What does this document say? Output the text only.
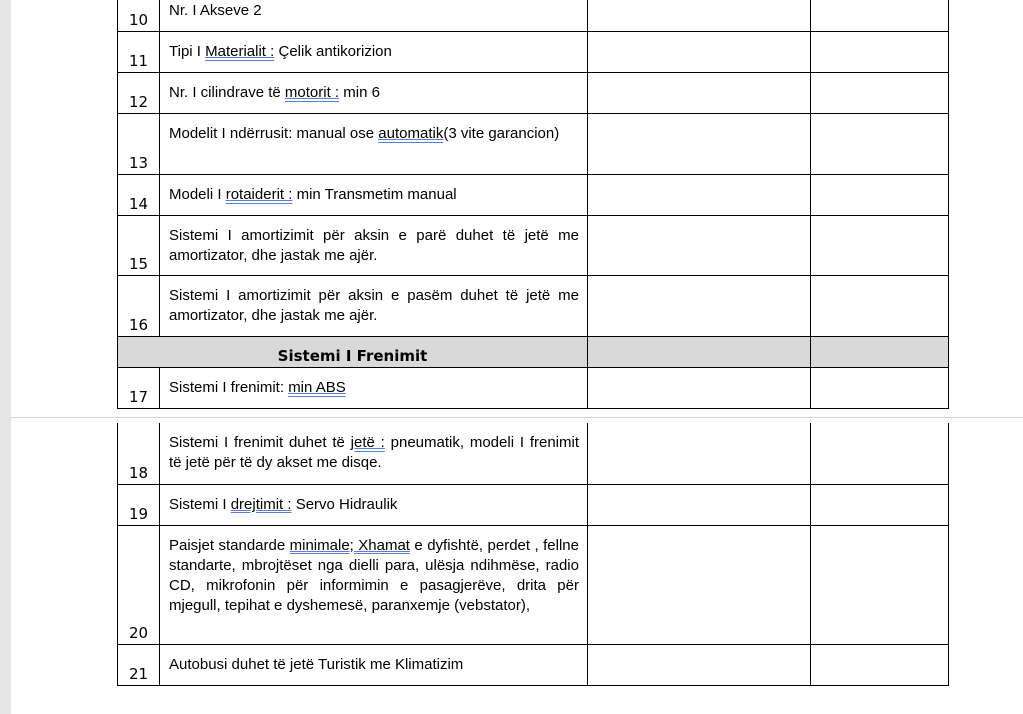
10	Nr. I Akseve 2		

11	Tipi I Materialit : Çelik antikorizion		

12	Nr. I cilindrave të motorit : min 6		

13	Modelit I ndërrusit: manual ose automatik(3 vite garancion)		

14	Modeli I rotaiderit : min Transmetim manual		

15	Sistemi I amortizimit për aksin e parë duhet të jetë me amortizator, dhe jastak me ajër.		

16	Sistemi I amortizimit për aksin e pasëm duhet të jetë me amortizator, dhe jastak me ajër.		

Sistemi I Frenimit			

17	Sistemi I frenimit: min ABS		
18	Sistemi I frenimit duhet të jetë : pneumatik, modeli I frenimit të jetë për të dy akset me disqe.		

19	Sistemi I drejtimit : Servo Hidraulik		

20	Paisjet standarde minimale; Xhamat e dyfishtë, perdet , fellne standarte, mbrojtëset nga dielli para, ulësja ndihmëse, radio CD, mikrofonin për informimin e pasagjerëve, drita për mjegull, tepihat e dyshemesë, paranxemje (vebstator),		

21	Autobusi duhet të jetë Turistik me Klimatizim		
